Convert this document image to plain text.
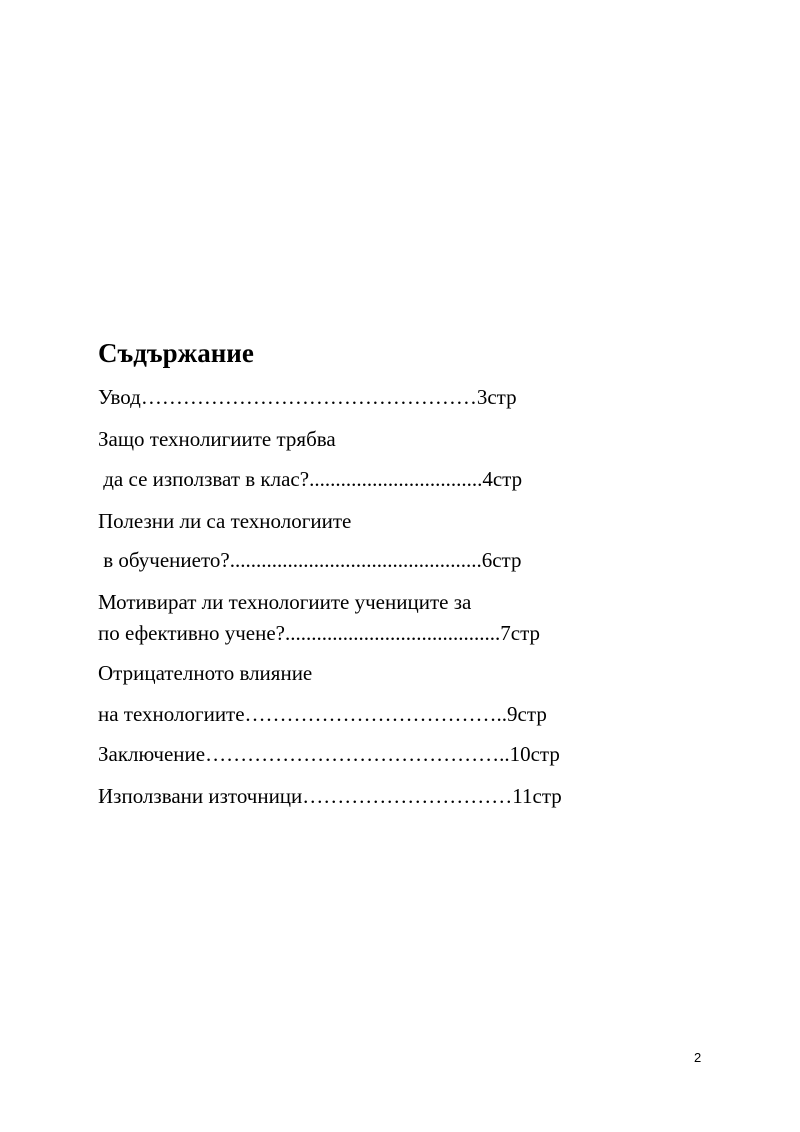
Съдържание

Увод…………………………………………3стр

Защо технолигиите трябва

да се използват в клас?.................................4стр

Полезни ли са технологиите

в обучението?................................................6стр

Мотивират ли технологиите учениците за

по ефективно учене?.........................................7стр

Отрицателното влияние

на технологиите………………………………..9стр

Заключение……………………………………..10стр

Използвани източници…………………………11стр

2
